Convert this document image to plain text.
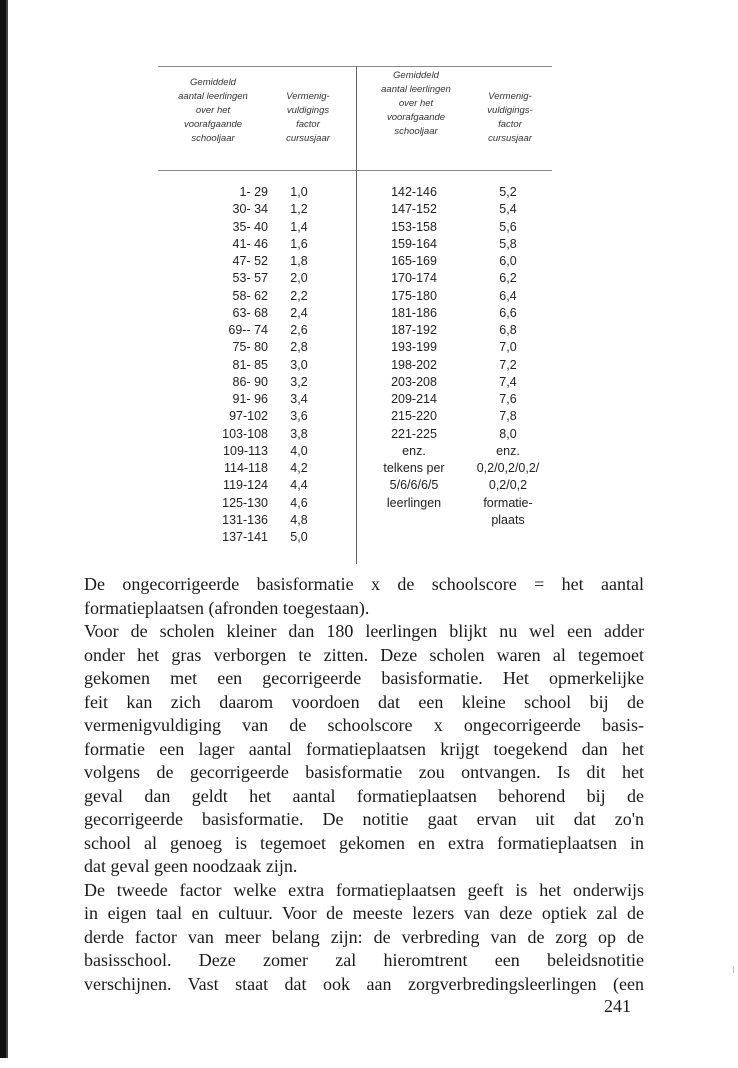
Gemiddeld
aantal leerlingen
over het
voorafgaande
schooljaar
Vermenig-
vuldigings
factor
cursusjaar
Gemiddeld
aantal leerlingen
over het
voorafgaande
schooljaar
Vermenig-
vuldigings-
factor
cursusjaar
1- 29
30- 34
35- 40
41- 46
47- 52
53- 57
58- 62
63- 68
69-- 74
75- 80
81- 85
86- 90
91- 96
97-102
103-108
109-113
114-118
119-124
125-130
131-136
137-141
1,0
1,2
1,4
1,6
1,8
2,0
2,2
2,4
2,6
2,8
3,0
3,2
3,4
3,6
3,8
4,0
4,2
4,4
4,6
4,8
5,0
142-146
147-152
153-158
159-164
165-169
170-174
175-180
181-186
187-192
193-199
198-202
203-208
209-214
215-220
221-225
enz.
telkens per
5/6/6/6/5
leerlingen
5,2
5,4
5,6
5,8
6,0
6,2
6,4
6,6
6,8
7,0
7,2
7,4
7,6
7,8
8,0
enz.
0,2/0,2/0,2/
0,2/0,2
formatie-
plaats
De ongecorrigeerde basisformatie x de schoolscore = het aantal
formatieplaatsen (afronden toegestaan).
Voor de scholen kleiner dan 180 leerlingen blijkt nu wel een adder
onder het gras verborgen te zitten. Deze scholen waren al tegemoet
gekomen met een gecorrigeerde basisformatie. Het opmerkelijke
feit kan zich daarom voordoen dat een kleine school bij de
vermenigvuldiging van de schoolscore x ongecorrigeerde basis-
formatie een lager aantal formatieplaatsen krijgt toegekend dan het
volgens de gecorrigeerde basisformatie zou ontvangen. Is dit het
geval dan geldt het aantal formatieplaatsen behorend bij de
gecorrigeerde basisformatie. De notitie gaat ervan uit dat zo'n
school al genoeg is tegemoet gekomen en extra formatieplaatsen in
dat geval geen noodzaak zijn.
De tweede factor welke extra formatieplaatsen geeft is het onderwijs
in eigen taal en cultuur. Voor de meeste lezers van deze optiek zal de
derde factor van meer belang zijn: de verbreding van de zorg op de
basisschool. Deze zomer zal hieromtrent een beleidsnotitie
verschijnen. Vast staat dat ook aan zorgverbredingsleerlingen (een
241
